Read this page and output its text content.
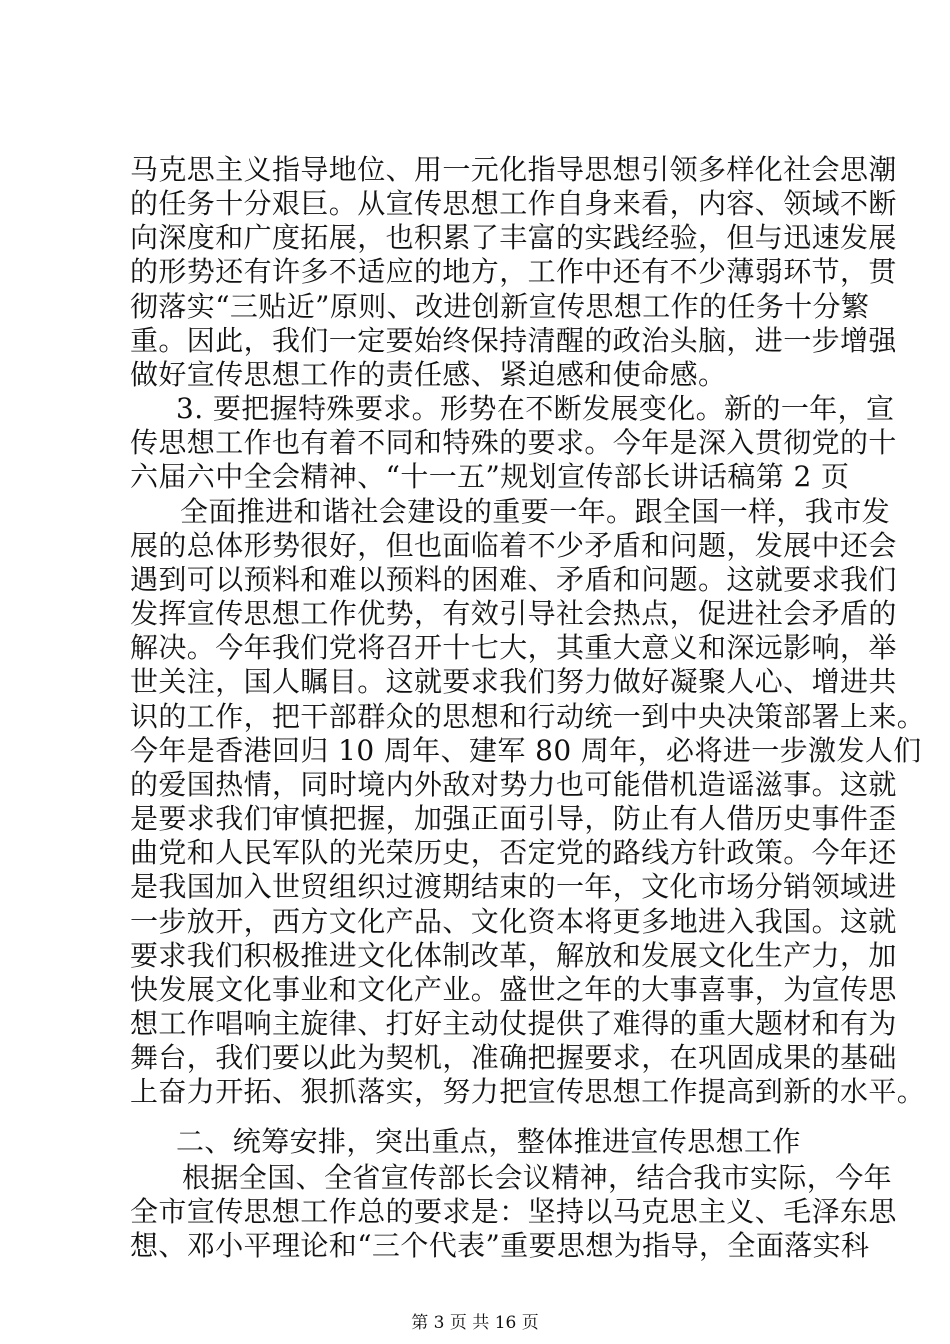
马克思主义指导地位、用一元化指导思想引领多样化社会思潮
的任务十分艰巨。从宣传思想工作自身来看，内容、领域不断
向深度和广度拓展，也积累了丰富的实践经验，但与迅速发展
的形势还有许多不适应的地方，工作中还有不少薄弱环节，贯
彻落实“三贴近”原则、改进创新宣传思想工作的任务十分繁
重。因此，我们一定要始终保持清醒的政治头脑，进一步增强
做好宣传思想工作的责任感、紧迫感和使命感。
3. 要把握特殊要求。形势在不断发展变化。新的一年，宣
传思想工作也有着不同和特殊的要求。今年是深入贯彻党的十
六届六中全会精神、“十一五”规划宣传部长讲话稿第 2 页
全面推进和谐社会建设的重要一年。跟全国一样，我市发
展的总体形势很好，但也面临着不少矛盾和问题，发展中还会
遇到可以预料和难以预料的困难、矛盾和问题。这就要求我们
发挥宣传思想工作优势，有效引导社会热点，促进社会矛盾的
解决。今年我们党将召开十七大，其重大意义和深远影响，举
世关注，国人瞩目。这就要求我们努力做好凝聚人心、增进共
识的工作，把干部群众的思想和行动统一到中央决策部署上来。
今年是香港回归 10 周年、建军 80 周年，必将进一步激发人们
的爱国热情，同时境内外敌对势力也可能借机造谣滋事。这就
是要求我们审慎把握，加强正面引导，防止有人借历史事件歪
曲党和人民军队的光荣历史，否定党的路线方针政策。今年还
是我国加入世贸组织过渡期结束的一年，文化市场分销领域进
一步放开，西方文化产品、文化资本将更多地进入我国。这就
要求我们积极推进文化体制改革，解放和发展文化生产力，加
快发展文化事业和文化产业。盛世之年的大事喜事，为宣传思
想工作唱响主旋律、打好主动仗提供了难得的重大题材和有为
舞台，我们要以此为契机，准确把握要求，在巩固成果的基础
上奋力开拓、狠抓落实，努力把宣传思想工作提高到新的水平。
二、统筹安排，突出重点，整体推进宣传思想工作
根据全国、全省宣传部长会议精神，结合我市实际，今年
全市宣传思想工作总的要求是：坚持以马克思主义、毛泽东思
想、邓小平理论和“三个代表”重要思想为指导，全面落实科
第 3 页 共 16 页
